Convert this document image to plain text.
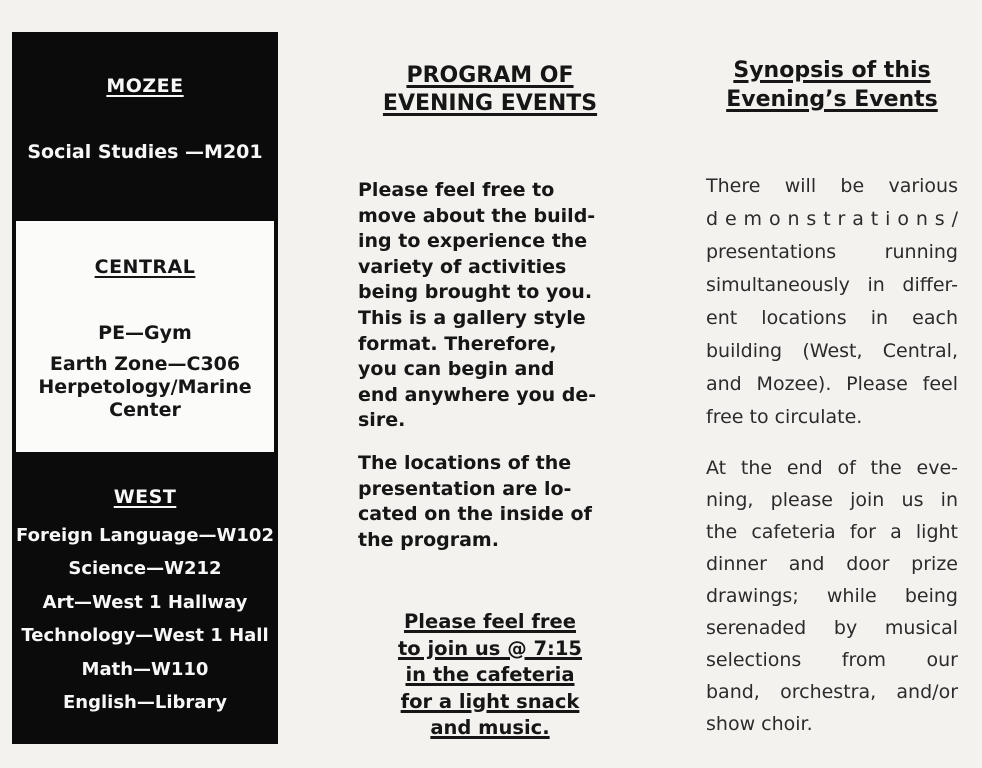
MOZEE
Social Studies —M201
CENTRAL
PE—Gym
Earth Zone—C306
Herpetology/Marine
Center
WEST
Foreign Language—W102
Science—W212
Art—West 1 Hallway
Technology—West 1 Hall
Math—W110
English—Library
PROGRAM OF
EVENING EVENTS
Please feel free to
move about the build-
ing to experience the
variety of activities
being brought to you.
This is a gallery style
format. Therefore,
you can begin and
end anywhere you de-
sire.
The locations of the
presentation are lo-
cated on the inside of
the program.
Please feel free
to join us @ 7:15
in the cafeteria
for a light snack
and music.
Synopsis of this
Evening’s Events
There will be various
d e m o n s t r a t i o n s /
presentations running
simultaneously in differ-
ent locations in each
building (West, Central,
and Mozee). Please feel
free to circulate.
At the end of the eve-
ning, please join us in
the cafeteria for a light
dinner and door prize
drawings; while being
serenaded by musical
selections from our
band, orchestra, and/or
show choir.
